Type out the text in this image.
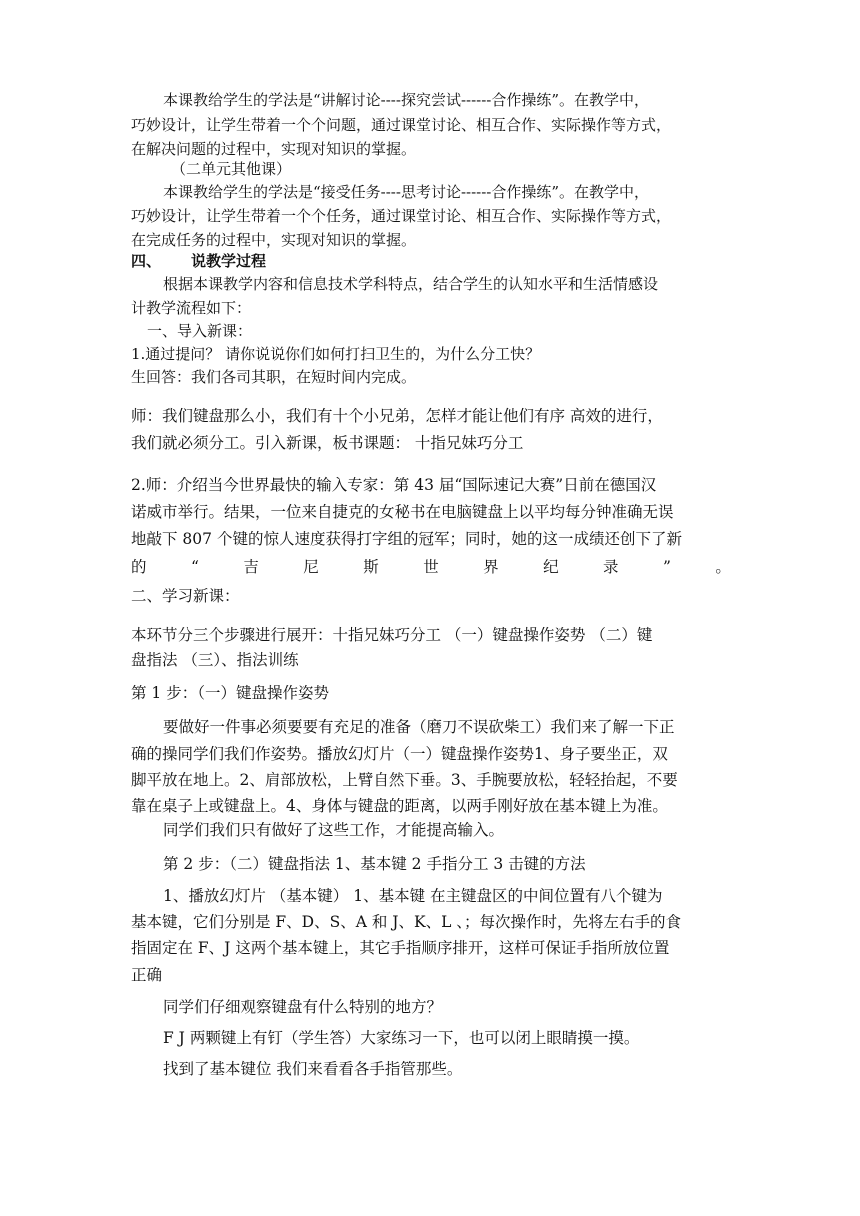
本课教给学生的学法是“讲解讨论----探究尝试------合作操练”。在教学中，
巧妙设计，让学生带着一个个问题，通过课堂讨论、相互合作、实际操作等方式，
在解决问题的过程中，实现对知识的掌握。
（二单元其他课）
本课教给学生的学法是“接受任务----思考讨论------合作操练”。在教学中，
巧妙设计，让学生带着一个个任务，通过课堂讨论、相互合作、实际操作等方式，
在完成任务的过程中，实现对知识的掌握。
四、 说教学过程
根据本课教学内容和信息技术学科特点，结合学生的认知水平和生活情感设
计教学流程如下：
一、导入新课：
1.通过提问？ 请你说说你们如何打扫卫生的，为什么分工快？
生回答：我们各司其职，在短时间内完成。
师：我们键盘那么小，我们有十个小兄弟，怎样才能让他们有序 高效的进行，
我们就必须分工。引入新课，板书课题： 十指兄妹巧分工
2.师：介绍当今世界最快的输入专家：第 43 届“国际速记大赛”日前在德国汉
诺威市举行。结果，一位来自捷克的女秘书在电脑键盘上以平均每分钟准确无误
地敲下 807 个键的惊人速度获得打字组的冠军；同时，她的这一成绩还创下了新
的	“	吉	尼	斯	世	界	纪	录	”	。
二、学习新课：
本环节分三个步骤进行展开：十指兄妹巧分工 （一）键盘操作姿势 （二）键
盘指法 （三）、指法训练
第 1 步：（一）键盘操作姿势
要做好一件事必须要要有充足的准备（磨刀不误砍柴工）我们来了解一下正
确的操同学们我们作姿势。播放幻灯片（一）键盘操作姿势1、身子要坐正，双
脚平放在地上。2、肩部放松，上臂自然下垂。3、手腕要放松，轻轻抬起，不要
靠在桌子上或键盘上。4、身体与键盘的距离，以两手刚好放在基本键上为准。
同学们我们只有做好了这些工作，才能提高输入。
第 2 步：（二）键盘指法 1、基本键 2 手指分工 3 击键的方法
1、播放幻灯片 （基本键） 1、基本键 在主键盘区的中间位置有八个键为
基本键，它们分别是 F、D、S、A 和 J、K、L 、；每次操作时，先将左右手的食
指固定在 F、J 这两个基本键上，其它手指顺序排开，这样可保证手指所放位置
正确
同学们仔细观察键盘有什么特别的地方？
F J 两颗键上有钉（学生答）大家练习一下，也可以闭上眼睛摸一摸。
找到了基本键位 我们来看看各手指管那些。
